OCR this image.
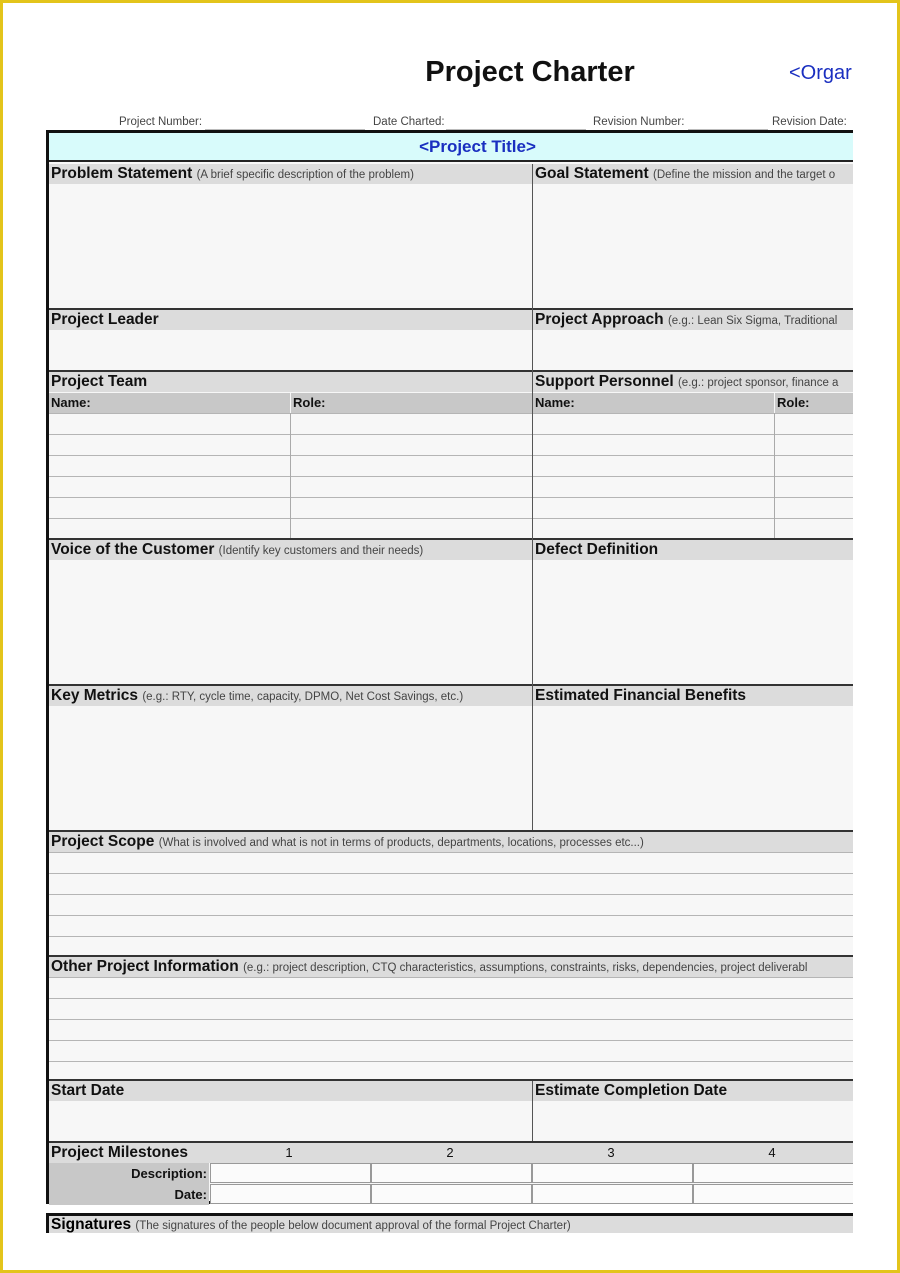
Project Charter	<Orgar
Project Number:	Date Charted:	Revision Number:	Revision Date:
<Project Title>
Problem Statement (A brief specific description of the problem)	Goal Statement (Define the mission and the target o
Project Leader	Project Approach (e.g.: Lean Six Sigma, Traditional
Project Team	Support Personnel (e.g.: project sponsor, finance a
Name:	Role:	Name:	Role:
Voice of the Customer (Identify key customers and their needs)	Defect Definition
Key Metrics (e.g.: RTY, cycle time, capacity, DPMO, Net Cost Savings, etc.)	Estimated Financial Benefits
Project Scope (What is involved and what is not in terms of products, departments, locations, processes etc...)
Other Project Information (e.g.: project description, CTQ characteristics, assumptions, constraints, risks, dependencies, project deliverabl
Start Date	Estimate Completion Date
Project Milestones	1	2	3	4
Description:
Date:
Signatures (The signatures of the people below document approval of the formal Project Charter)
